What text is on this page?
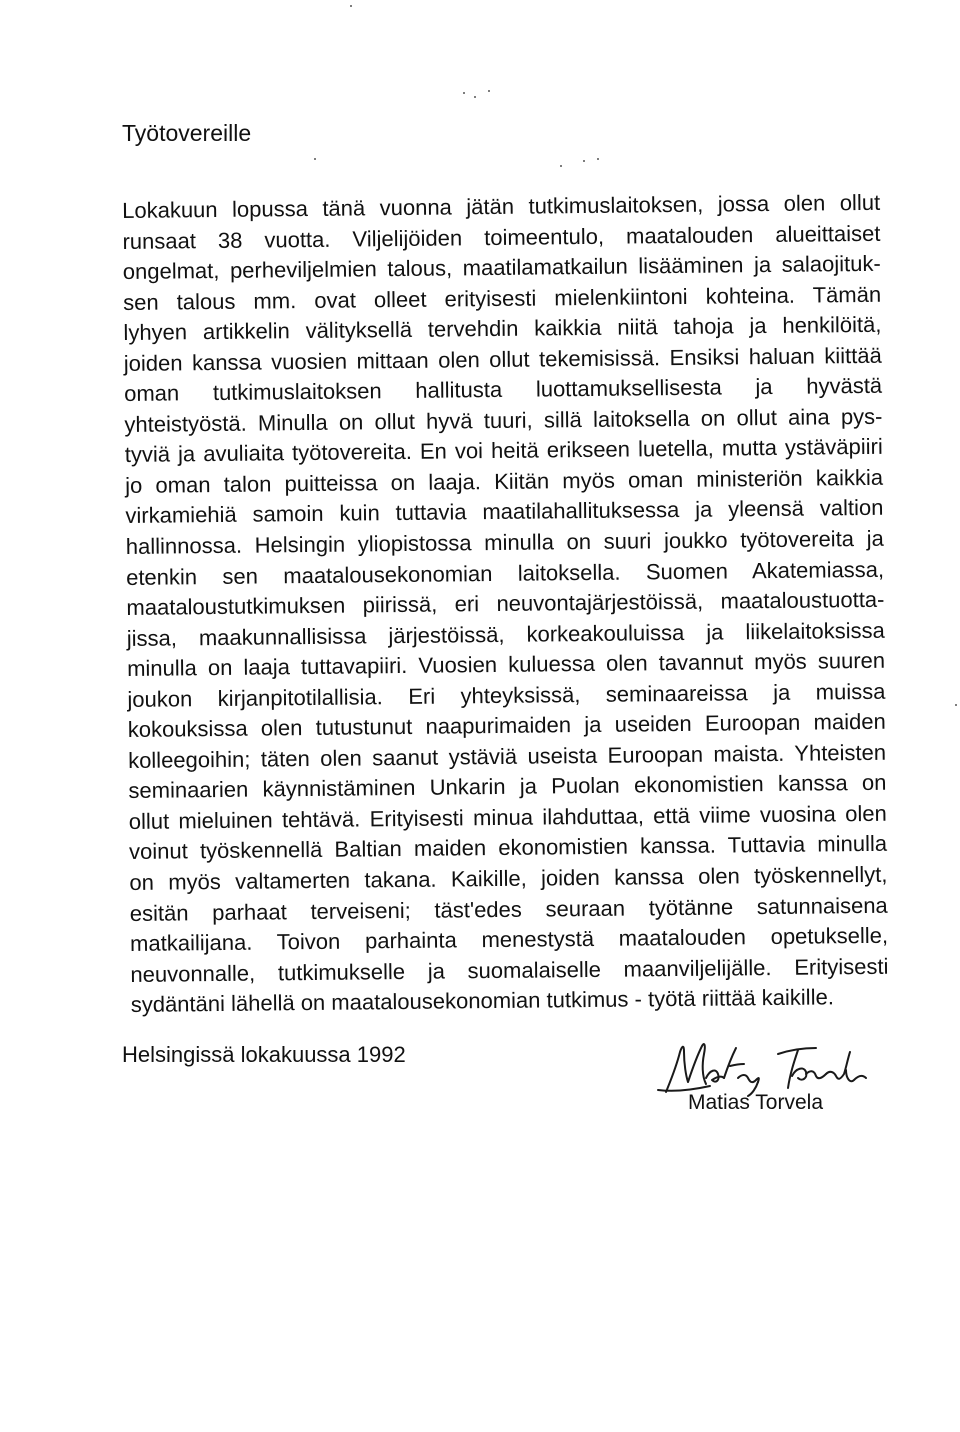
Työtovereille
Lokakuun lopussa tänä vuonna jätän tutkimuslaitoksen, jossa olen ollut
runsaat 38 vuotta. Viljelijöiden toimeentulo, maatalouden alueittaiset
ongelmat, perheviljelmien talous, maatilamatkailun lisääminen ja salaojituk-
sen talous mm. ovat olleet erityisesti mielenkiintoni kohteina. Tämän
lyhyen artikkelin välityksellä tervehdin kaikkia niitä tahoja ja henkilöitä,
joiden kanssa vuosien mittaan olen ollut tekemisissä. Ensiksi haluan kiittää
oman tutkimuslaitoksen hallitusta luottamuksellisesta ja hyvästä
yhteistyöstä. Minulla on ollut hyvä tuuri, sillä laitoksella on ollut aina pys-
tyviä ja avuliaita työtovereita. En voi heitä erikseen luetella, mutta ystäväpiiri
jo oman talon puitteissa on laaja. Kiitän myös oman ministeriön kaikkia
virkamiehiä samoin kuin tuttavia maatilahallituksessa ja yleensä valtion
hallinnossa. Helsingin yliopistossa minulla on suuri joukko työtovereita ja
etenkin sen maatalousekonomian laitoksella. Suomen Akatemiassa,
maataloustutkimuksen piirissä, eri neuvontajärjestöissä, maataloustuotta-
jissa, maakunnallisissa järjestöissä, korkeakouluissa ja liikelaitoksissa
minulla on laaja tuttavapiiri. Vuosien kuluessa olen tavannut myös suuren
joukon kirjanpitotilallisia. Eri yhteyksissä, seminaareissa ja muissa
kokouksissa olen tutustunut naapurimaiden ja useiden Euroopan maiden
kolleegoihin; täten olen saanut ystäviä useista Euroopan maista. Yhteisten
seminaarien käynnistäminen Unkarin ja Puolan ekonomistien kanssa on
ollut mieluinen tehtävä. Erityisesti minua ilahduttaa, että viime vuosina olen
voinut työskennellä Baltian maiden ekonomistien kanssa. Tuttavia minulla
on myös valtamerten takana. Kaikille, joiden kanssa olen työskennellyt,
esitän parhaat terveiseni; täst'edes seuraan työtänne satunnaisena
matkailijana. Toivon parhainta menestystä maatalouden opetukselle,
neuvonnalle, tutkimukselle ja suomalaiselle maanviljelijälle. Erityisesti
sydäntäni lähellä on maatalousekonomian tutkimus - työtä riittää kaikille.
Helsingissä lokakuussa 1992
Matias Torvela
